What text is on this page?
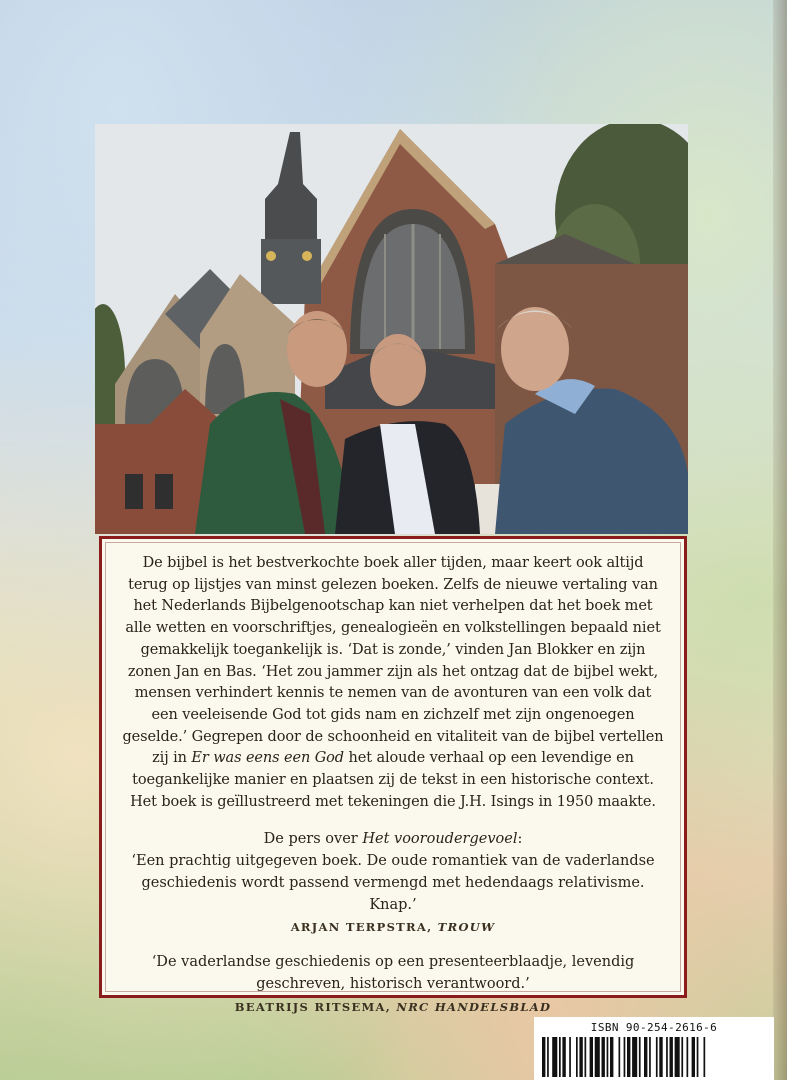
De bijbel is het bestverkochte boek aller tijden, maar keert ook altijd terug op lijstjes van minst gelezen boeken. Zelfs de nieuwe vertaling van het Nederlands Bijbelgenootschap kan niet verhelpen dat het boek met alle wetten en voorschriftjes, genealogieën en volkstellingen bepaald niet gemakkelijk toegankelijk is. ‘Dat is zonde,’ vinden Jan Blokker en zijn zonen Jan en Bas. ‘Het zou jammer zijn als het ontzag dat de bijbel wekt, mensen verhindert kennis te nemen van de avonturen van een volk dat een veeleisende God tot gids nam en zichzelf met zijn ongenoegen geselde.’ Gegrepen door de schoonheid en vitaliteit van de bijbel vertellen zij in Er was eens een God het aloude verhaal op een levendige en toegankelijke manier en plaatsen zij de tekst in een historische context. Het boek is geïllustreerd met tekeningen die J.H. Isings in 1950 maakte.

De pers over Het vooroudergevoel:

‘Een prachtig uitgegeven boek. De oude romantiek van de vaderlandse geschiedenis wordt passend vermengd met hedendaags relativisme. Knap.’

ARJAN TERPSTRA, TROUW

‘De vaderlandse geschiedenis op een presenteerblaadje, levendig geschreven, historisch verantwoord.’

BEATRIJS RITSEMA, NRC HANDELSBLAD

ISBN 90-254-2616-6
